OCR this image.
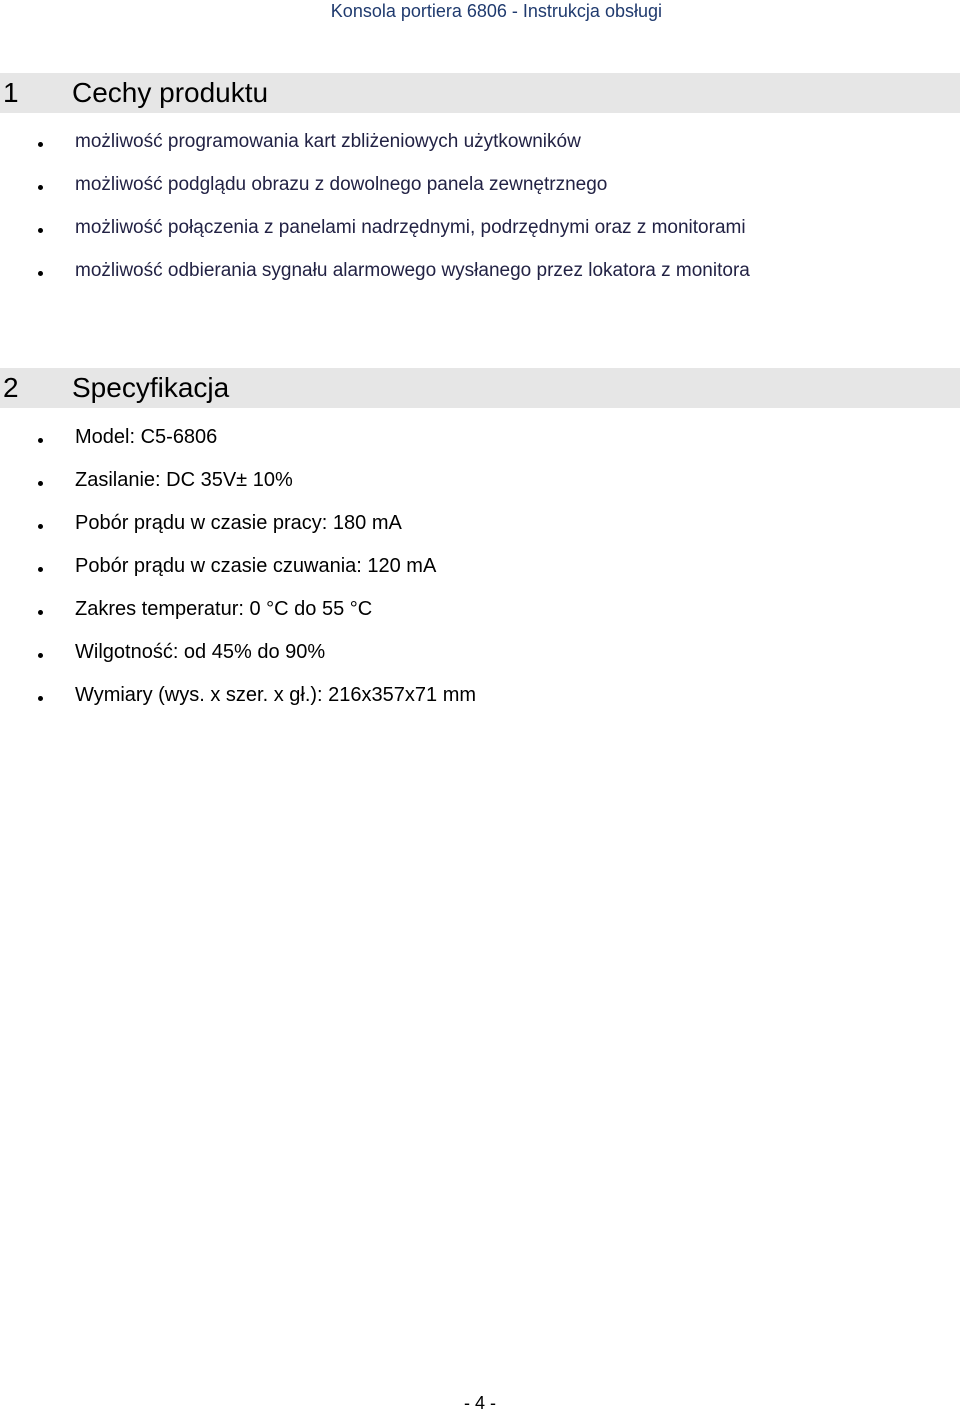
Konsola portiera 6806 - Instrukcja obsługi
1 Cechy produktu
możliwość programowania kart zbliżeniowych użytkowników
możliwość podglądu obrazu z dowolnego panela zewnętrznego
możliwość połączenia z panelami nadrzędnymi, podrzędnymi oraz z monitorami
możliwość odbierania sygnału alarmowego wysłanego przez lokatora z monitora
2 Specyfikacja
Model: C5-6806
Zasilanie: DC 35V± 10%
Pobór prądu w czasie pracy: 180 mA
Pobór prądu w czasie czuwania: 120 mA
Zakres temperatur: 0 °C do 55 °C
Wilgotność: od 45% do 90%
Wymiary (wys. x szer. x gł.): 216x357x71 mm
- 4 -
